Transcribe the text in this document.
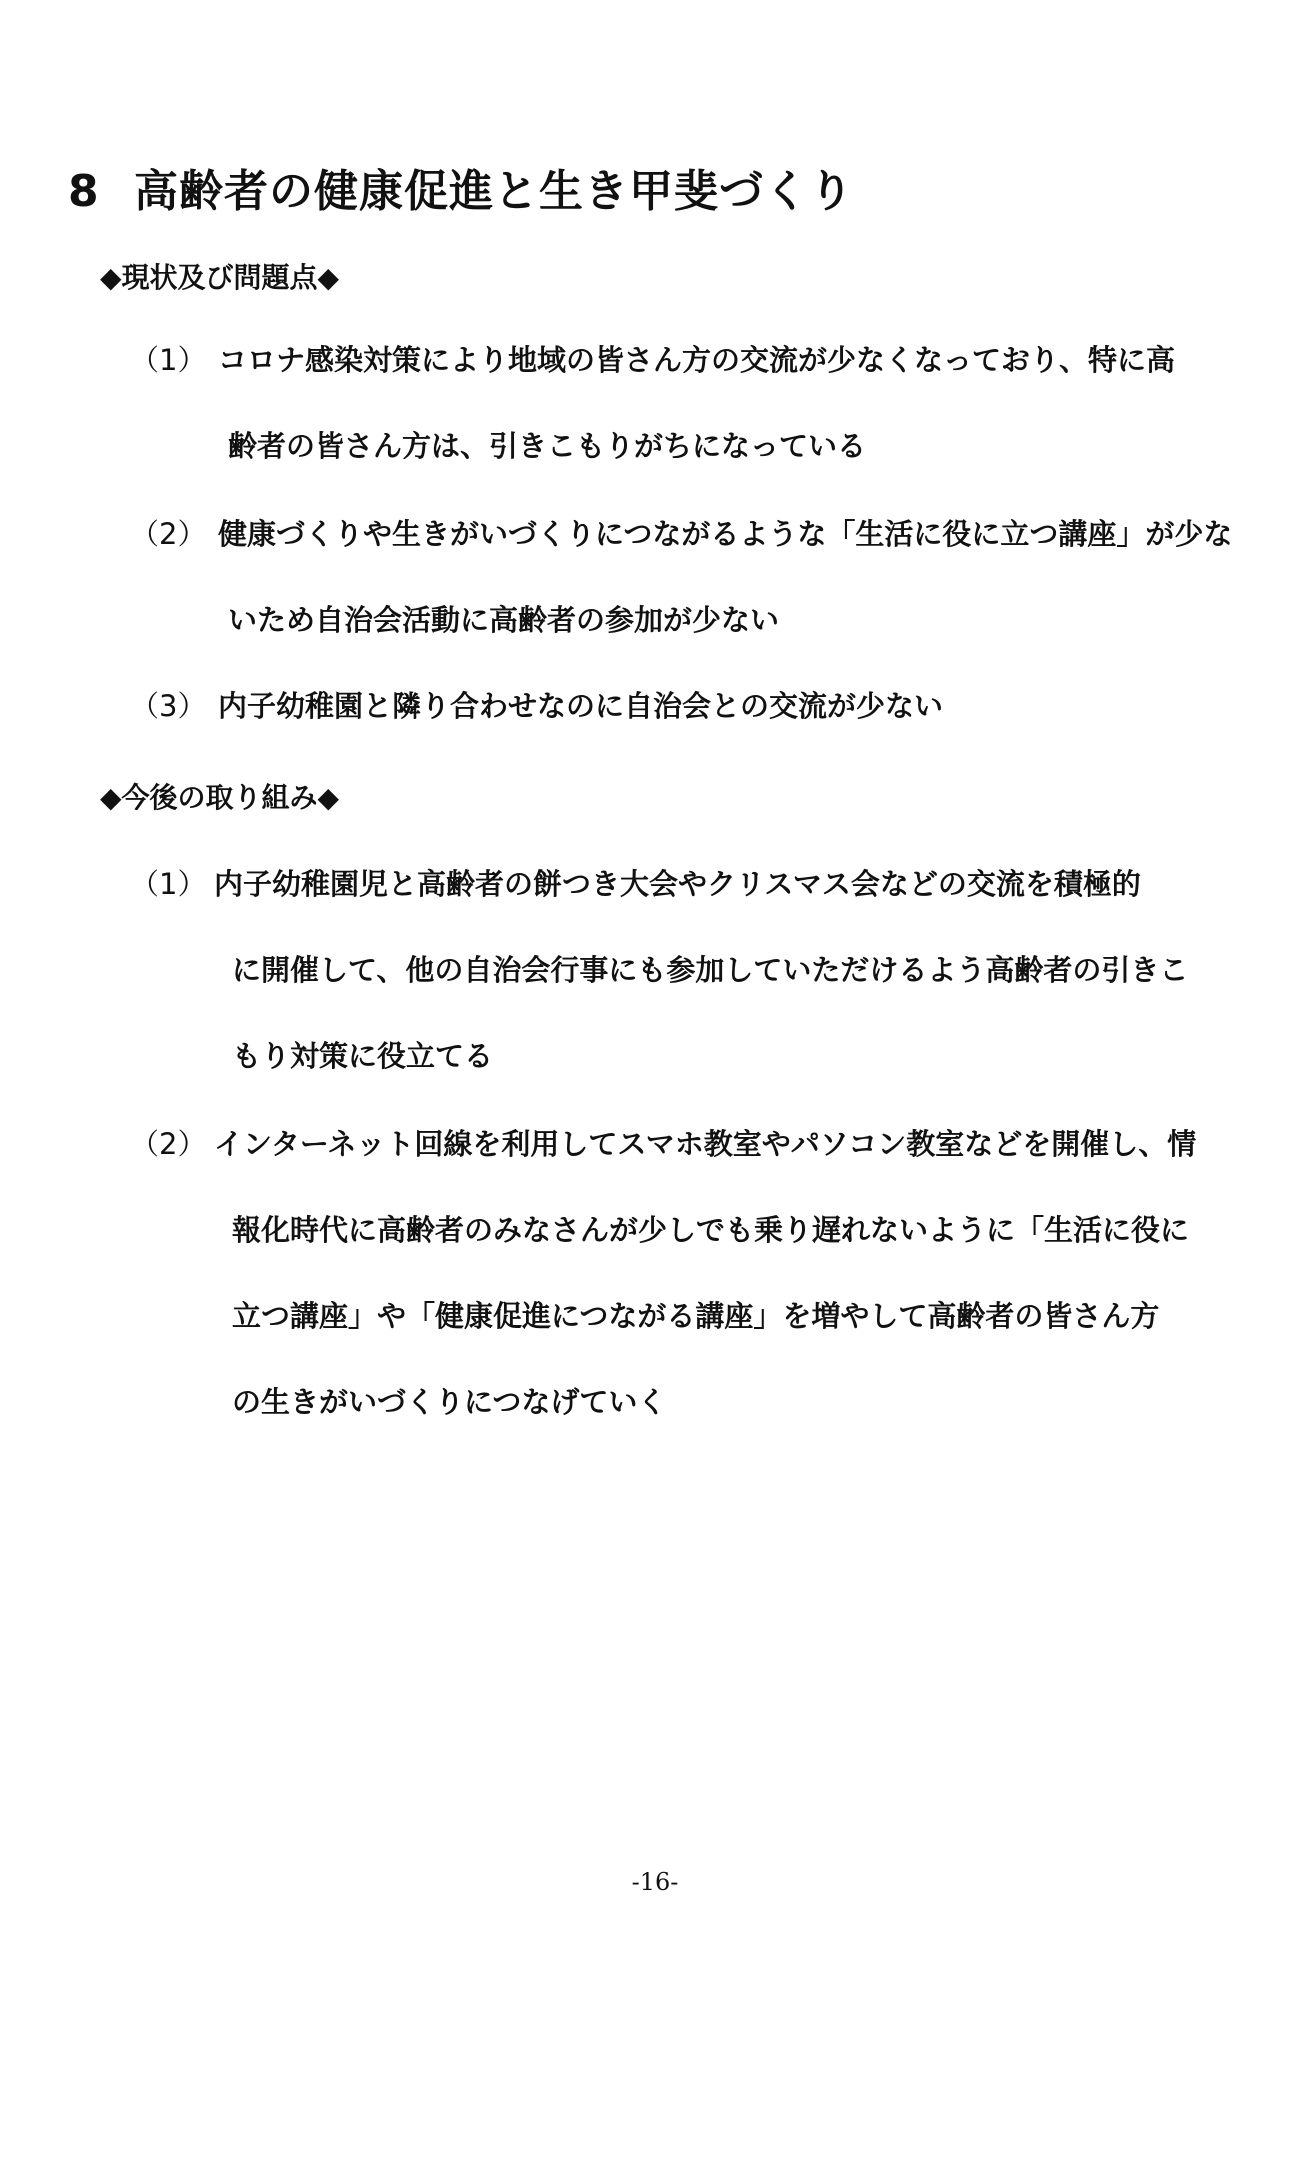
8 高齢者の健康促進と生き甲斐づくり
◆現状及び問題点◆
（1） コロナ感染対策により地域の皆さん方の交流が少なくなっており、特に高
齢者の皆さん方は、引きこもりがちになっている
（2） 健康づくりや生きがいづくりにつながるような「生活に役に立つ講座」が少な
いため自治会活動に高齢者の参加が少ない
（3） 内子幼稚園と隣り合わせなのに自治会との交流が少ない
◆今後の取り組み◆
（1） 内子幼稚園児と高齢者の餅つき大会やクリスマス会などの交流を積極的
に開催して、他の自治会行事にも参加していただけるよう高齢者の引きこ
もり対策に役立てる
（2） インターネット回線を利用してスマホ教室やパソコン教室などを開催し、情
報化時代に高齢者のみなさんが少しでも乗り遅れないように「生活に役に
立つ講座」や「健康促進につながる講座」を増やして高齢者の皆さん方
の生きがいづくりにつなげていく
-16-
